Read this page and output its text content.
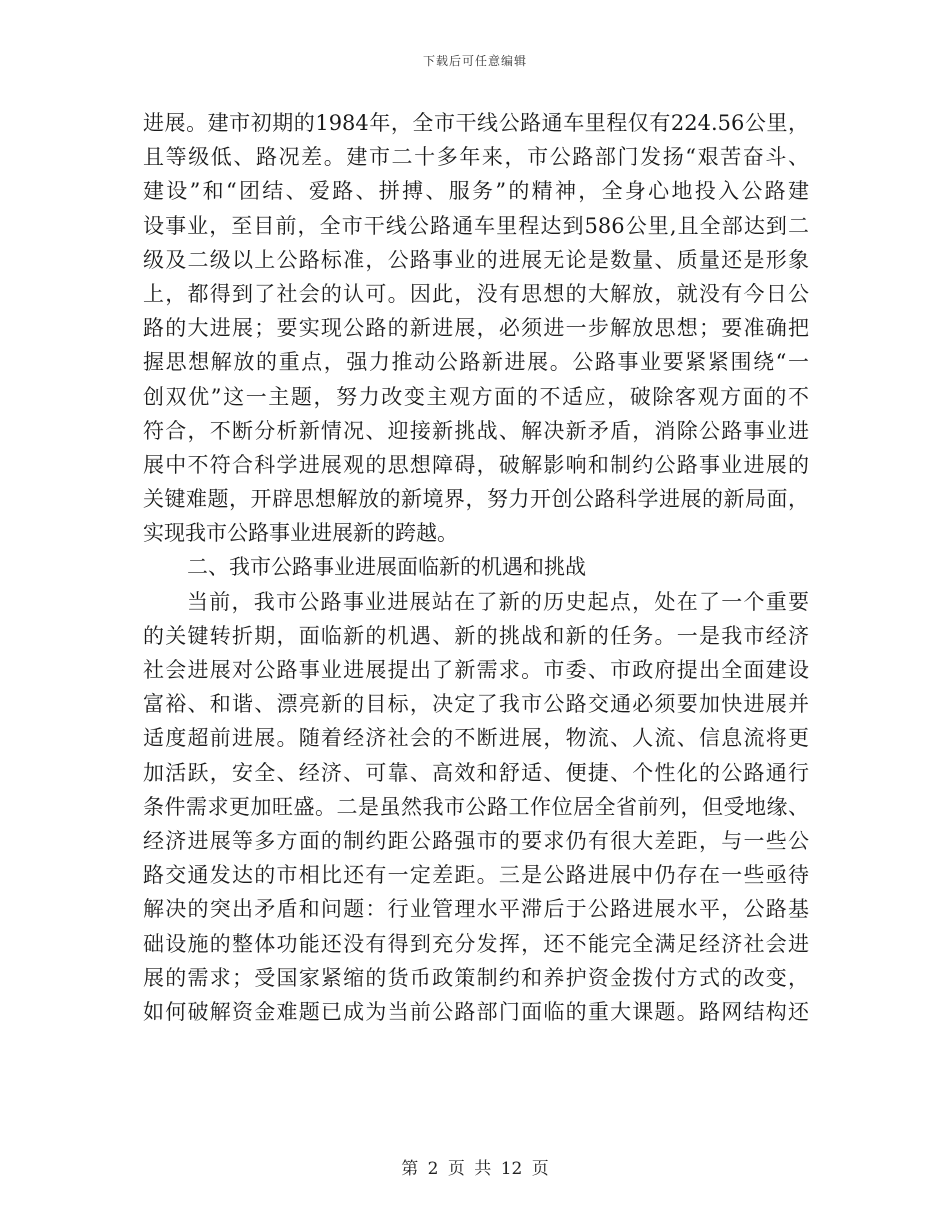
下载后可任意编辑
进展。建市初期的1984年，全市干线公路通车里程仅有224.56公里，
且等级低、路况差。建市二十多年来，市公路部门发扬“艰苦奋斗、
建设”和“团结、爱路、拼搏、服务”的精神，全身心地投入公路建
设事业，至目前，全市干线公路通车里程达到586公里,且全部达到二
级及二级以上公路标准，公路事业的进展无论是数量、质量还是形象
上，都得到了社会的认可。因此，没有思想的大解放，就没有今日公
路的大进展；要实现公路的新进展，必须进一步解放思想；要准确把
握思想解放的重点，强力推动公路新进展。公路事业要紧紧围绕“一
创双优”这一主题，努力改变主观方面的不适应，破除客观方面的不
符合，不断分析新情况、迎接新挑战、解决新矛盾，消除公路事业进
展中不符合科学进展观的思想障碍，破解影响和制约公路事业进展的
关键难题，开辟思想解放的新境界，努力开创公路科学进展的新局面，
实现我市公路事业进展新的跨越。
二、我市公路事业进展面临新的机遇和挑战
当前，我市公路事业进展站在了新的历史起点，处在了一个重要
的关键转折期，面临新的机遇、新的挑战和新的任务。一是我市经济
社会进展对公路事业进展提出了新需求。市委、市政府提出全面建设
富裕、和谐、漂亮新的目标，决定了我市公路交通必须要加快进展并
适度超前进展。随着经济社会的不断进展，物流、人流、信息流将更
加活跃，安全、经济、可靠、高效和舒适、便捷、个性化的公路通行
条件需求更加旺盛。二是虽然我市公路工作位居全省前列，但受地缘、
经济进展等多方面的制约距公路强市的要求仍有很大差距，与一些公
路交通发达的市相比还有一定差距。三是公路进展中仍存在一些亟待
解决的突出矛盾和问题：行业管理水平滞后于公路进展水平，公路基
础设施的整体功能还没有得到充分发挥，还不能完全满足经济社会进
展的需求；受国家紧缩的货币政策制约和养护资金拨付方式的改变，
如何破解资金难题已成为当前公路部门面临的重大课题。路网结构还
第 2 页 共 12 页
